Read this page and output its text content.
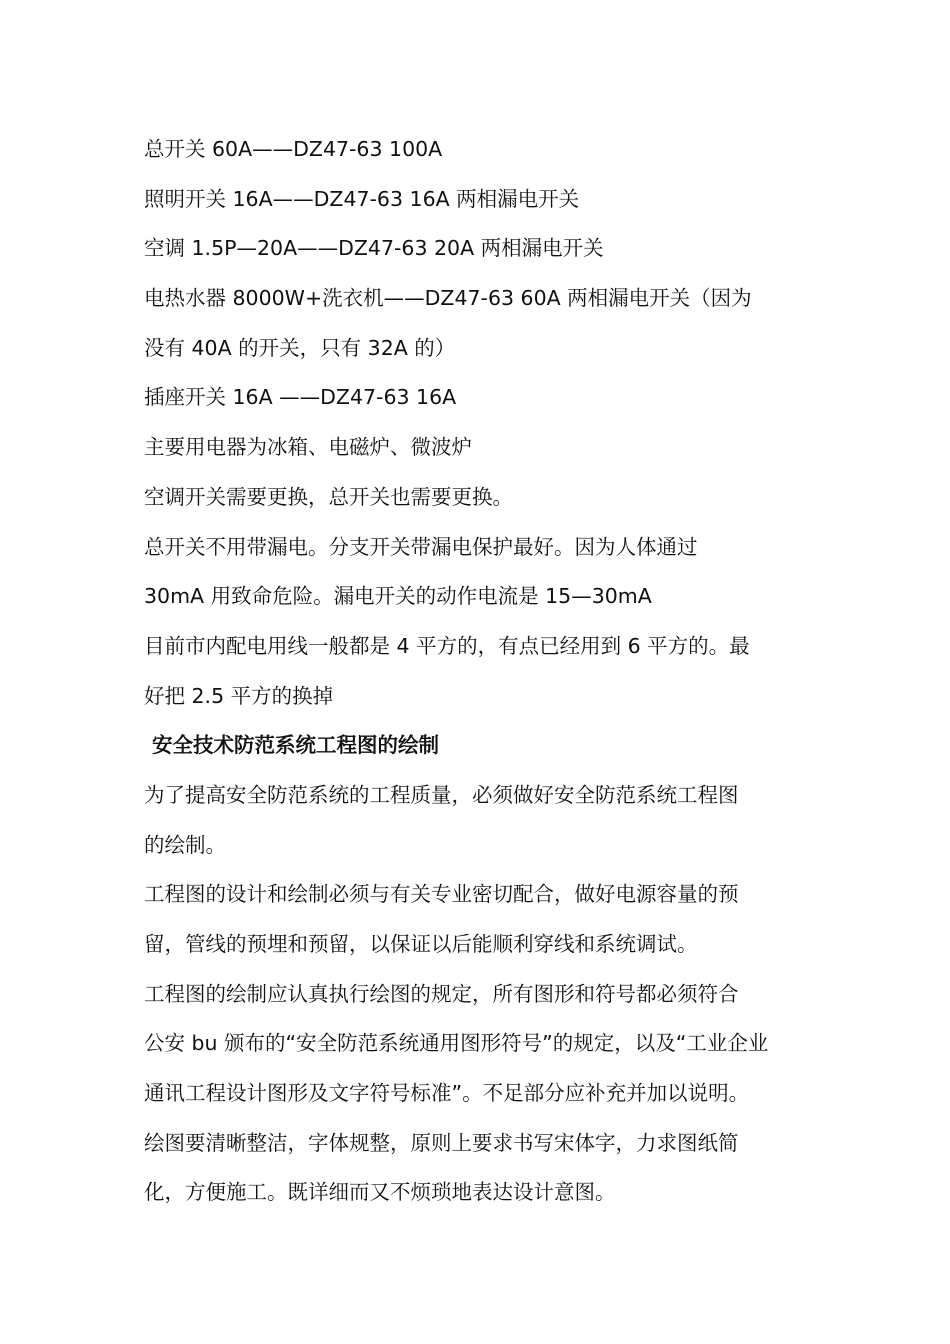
总开关 60A——DZ47-63 100A
照明开关 16A——DZ47-63 16A 两相漏电开关
空调 1.5P—20A——DZ47-63 20A 两相漏电开关
电热水器 8000W+洗衣机——DZ47-63 60A 两相漏电开关（因为
没有 40A 的开关，只有 32A 的）
插座开关 16A ——DZ47-63 16A
主要用电器为冰箱、电磁炉、微波炉
空调开关需要更换，总开关也需要更换。
总开关不用带漏电。分支开关带漏电保护最好。因为人体通过
30mA 用致命危险。漏电开关的动作电流是 15—30mA
目前市内配电用线一般都是 4 平方的，有点已经用到 6 平方的。最
好把 2.5 平方的换掉
安全技术防范系统工程图的绘制
为了提高安全防范系统的工程质量，必须做好安全防范系统工程图
的绘制。
工程图的设计和绘制必须与有关专业密切配合，做好电源容量的预
留，管线的预埋和预留，以保证以后能顺利穿线和系统调试。
工程图的绘制应认真执行绘图的规定，所有图形和符号都必须符合
公安 bu 颁布的“安全防范系统通用图形符号”的规定，以及“工业企业
通讯工程设计图形及文字符号标准”。不足部分应补充并加以说明。
绘图要清晰整洁，字体规整，原则上要求书写宋体字，力求图纸简
化，方便施工。既详细而又不烦琐地表达设计意图。
